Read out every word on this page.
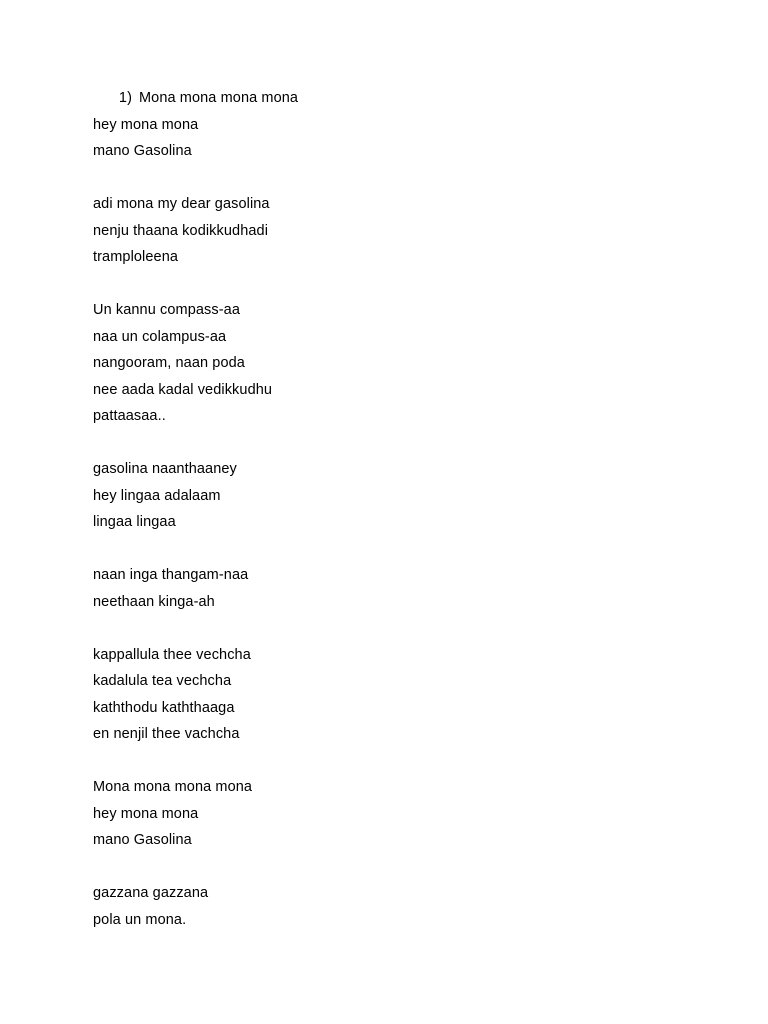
1) Mona mona mona mona
hey mona mona
mano Gasolina
adi mona my dear gasolina
nenju thaana kodikkudhadi
tramploleena
Un kannu compass-aa
naa un colampus-aa
nangooram, naan poda
nee aada kadal vedikkudhu
pattaasaa..
gasolina naanthaaney
hey lingaa adalaam
lingaa lingaa
naan inga thangam-naa
neethaan kinga-ah
kappallula thee vechcha
kadalula tea vechcha
kaththodu kaththaaga
en nenjil thee vachcha
Mona mona mona mona
hey mona mona
mano Gasolina
gazzana gazzana
pola un mona.
